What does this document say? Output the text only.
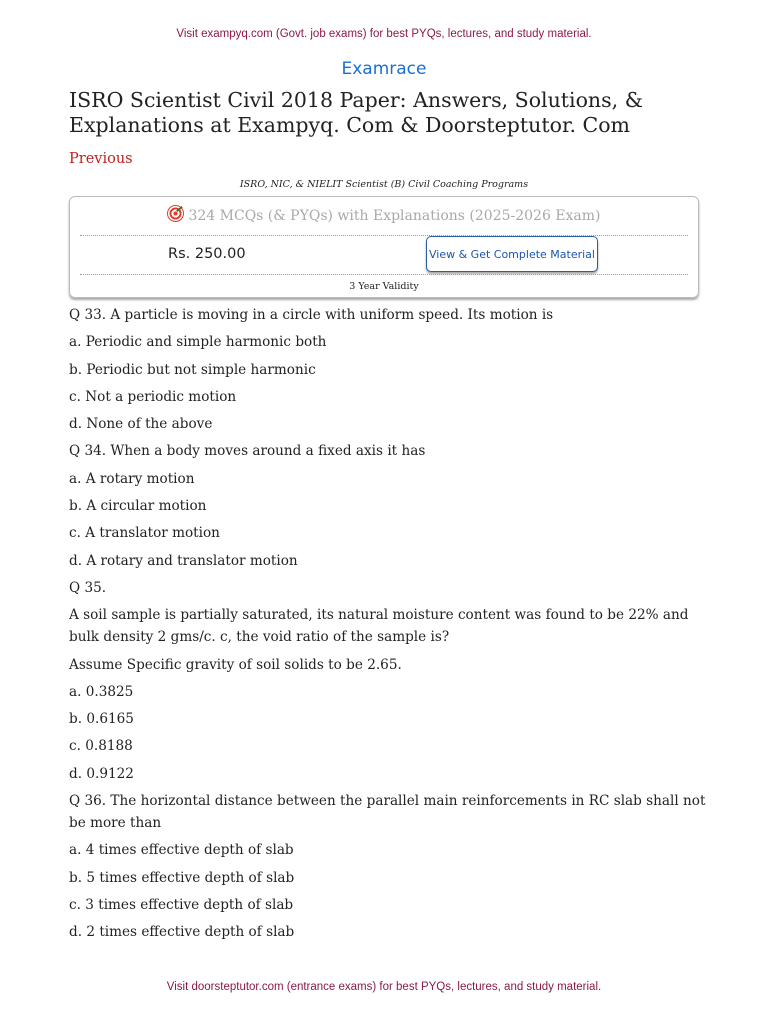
Visit exampyq.com (Govt. job exams) for best PYQs, lectures, and study material.
Examrace
ISRO Scientist Civil 2018 Paper: Answers, Solutions, & Explanations at Exampyq. Com & Doorsteptutor. Com
Previous
ISRO, NIC, & NIELIT Scientist (B) Civil Coaching Programs
324 MCQs (& PYQs) with Explanations (2025-2026 Exam)
Rs. 250.00	View & Get Complete Material
3 Year Validity

Q 33. A particle is moving in a circle with uniform speed. Its motion is

a. Periodic and simple harmonic both

b. Periodic but not simple harmonic

c. Not a periodic motion

d. None of the above

Q 34. When a body moves around a fixed axis it has

a. A rotary motion

b. A circular motion

c. A translator motion

d. A rotary and translator motion

Q 35.

A soil sample is partially saturated, its natural moisture content was found to be 22% and bulk density 2 gms/c. c, the void ratio of the sample is?

Assume Specific gravity of soil solids to be 2.65.

a. 0.3825

b. 0.6165

c. 0.8188

d. 0.9122

Q 36. The horizontal distance between the parallel main reinforcements in RC slab shall not be more than

a. 4 times effective depth of slab

b. 5 times effective depth of slab

c. 3 times effective depth of slab

d. 2 times effective depth of slab

Visit doorsteptutor.com (entrance exams) for best PYQs, lectures, and study material.
